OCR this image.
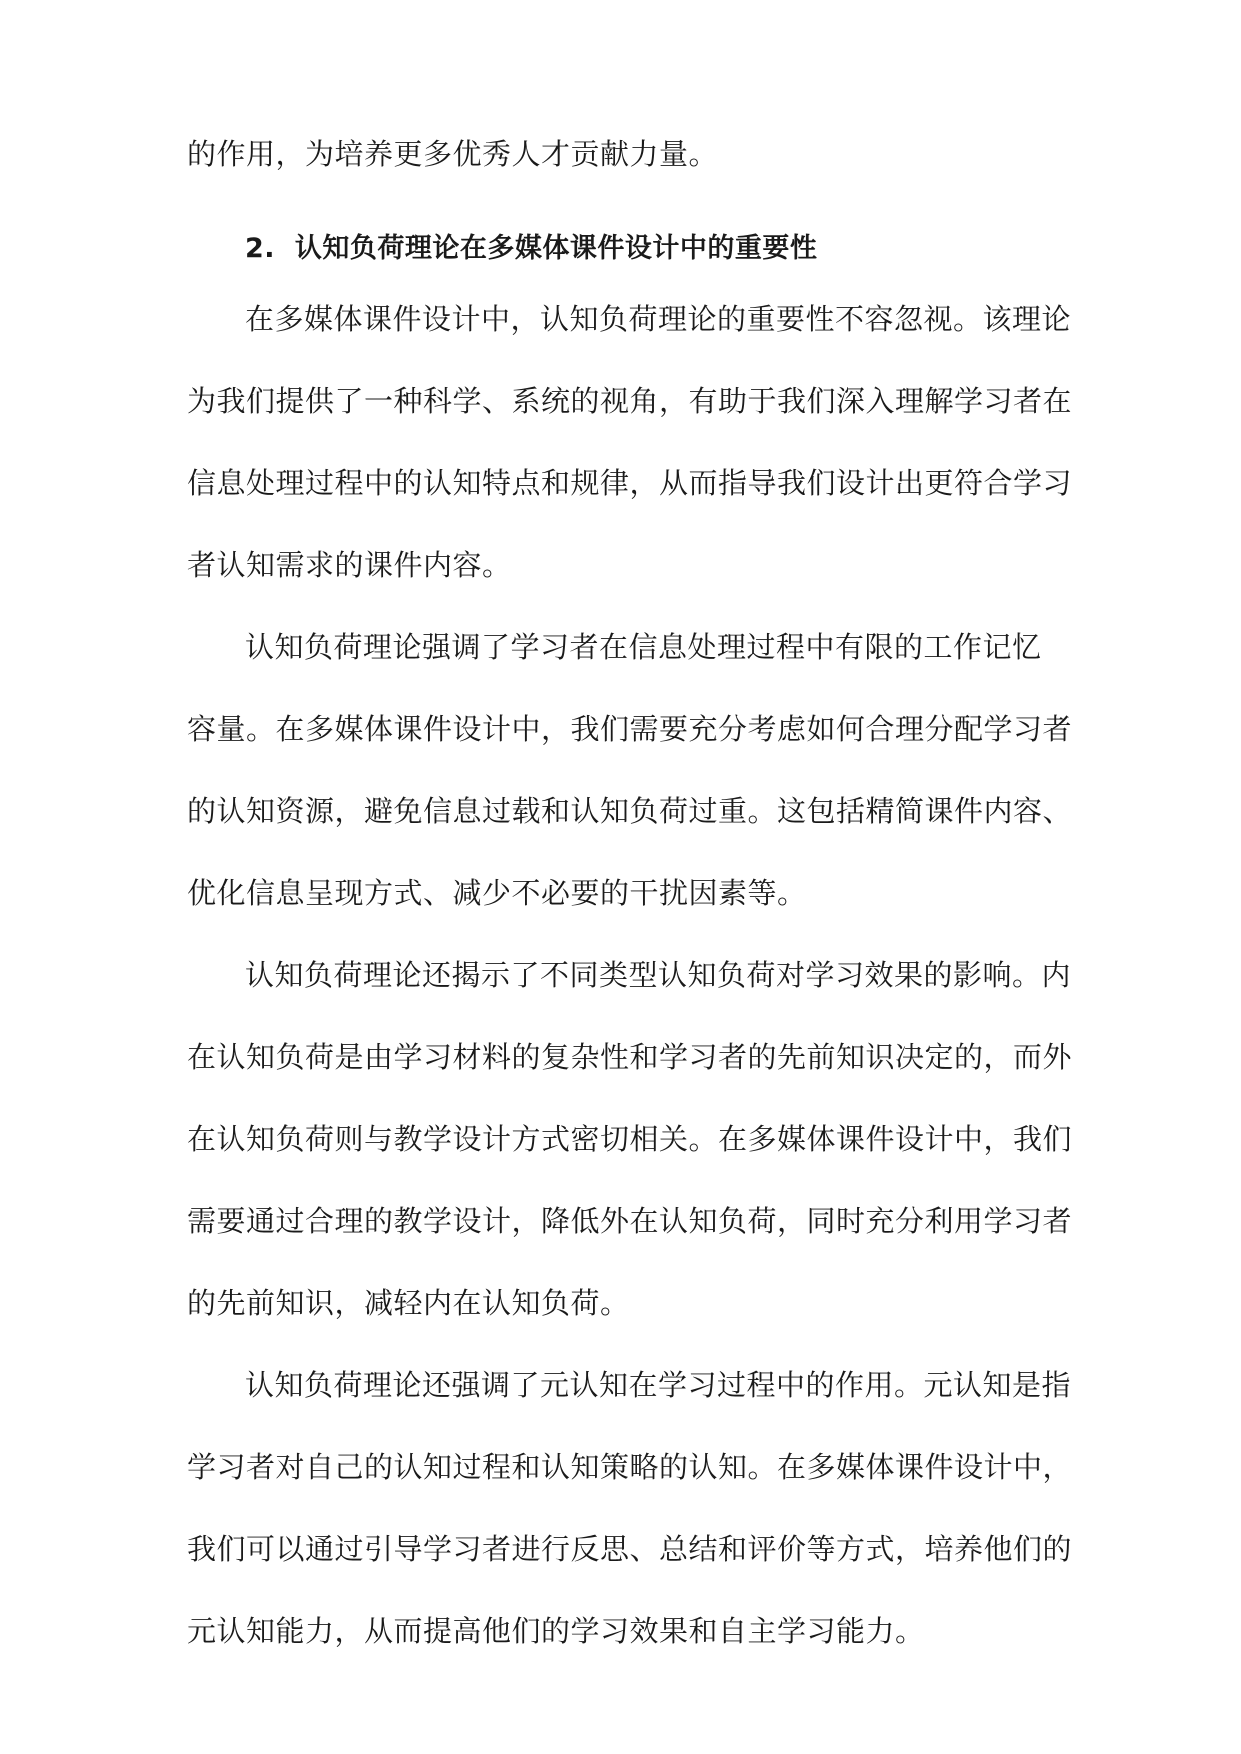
的作用，为培养更多优秀人才贡献力量。
2. 认知负荷理论在多媒体课件设计中的重要性
在多媒体课件设计中，认知负荷理论的重要性不容忽视。该理论
为我们提供了一种科学、系统的视角，有助于我们深入理解学习者在
信息处理过程中的认知特点和规律，从而指导我们设计出更符合学习
者认知需求的课件内容。
认知负荷理论强调了学习者在信息处理过程中有限的工作记忆
容量。在多媒体课件设计中，我们需要充分考虑如何合理分配学习者
的认知资源，避免信息过载和认知负荷过重。这包括精简课件内容、
优化信息呈现方式、减少不必要的干扰因素等。
认知负荷理论还揭示了不同类型认知负荷对学习效果的影响。内
在认知负荷是由学习材料的复杂性和学习者的先前知识决定的，而外
在认知负荷则与教学设计方式密切相关。在多媒体课件设计中，我们
需要通过合理的教学设计，降低外在认知负荷，同时充分利用学习者
的先前知识，减轻内在认知负荷。
认知负荷理论还强调了元认知在学习过程中的作用。元认知是指
学习者对自己的认知过程和认知策略的认知。在多媒体课件设计中，
我们可以通过引导学习者进行反思、总结和评价等方式，培养他们的
元认知能力，从而提高他们的学习效果和自主学习能力。
